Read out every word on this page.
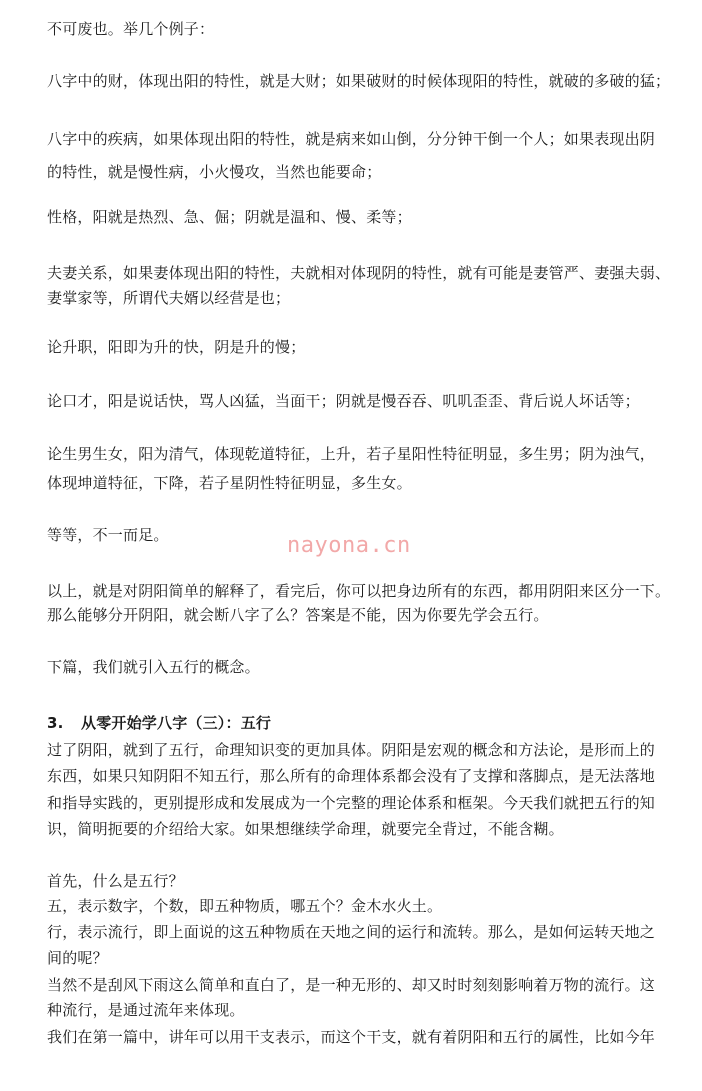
不可废也。举几个例子：
八字中的财，体现出阳的特性，就是大财；如果破财的时候体现阳的特性，就破的多破的猛；
八字中的疾病，如果体现出阳的特性，就是病来如山倒，分分钟干倒一个人；如果表现出阴
的特性，就是慢性病，小火慢攻，当然也能要命；
性格，阳就是热烈、急、倔；阴就是温和、慢、柔等；
夫妻关系，如果妻体现出阳的特性，夫就相对体现阴的特性，就有可能是妻管严、妻强夫弱、
妻掌家等，所谓代夫婿以经营是也；
论升职，阳即为升的快，阴是升的慢；
论口才，阳是说话快，骂人凶猛，当面干；阴就是慢吞吞、叽叽歪歪、背后说人坏话等；
论生男生女，阳为清气，体现乾道特征，上升，若子星阳性特征明显，多生男；阴为浊气，
体现坤道特征，下降，若子星阴性特征明显，多生女。
等等，不一而足。	nayona.cn
以上，就是对阴阳简单的解释了，看完后，你可以把身边所有的东西，都用阴阳来区分一下。
那么能够分开阴阳，就会断八字了么？答案是不能，因为你要先学会五行。
下篇，我们就引入五行的概念。
3. 从零开始学八字（三）：五行
过了阴阳，就到了五行，命理知识变的更加具体。阴阳是宏观的概念和方法论，是形而上的
东西，如果只知阴阳不知五行，那么所有的命理体系都会没有了支撑和落脚点，是无法落地
和指导实践的，更别提形成和发展成为一个完整的理论体系和框架。今天我们就把五行的知
识，简明扼要的介绍给大家。如果想继续学命理，就要完全背过，不能含糊。
首先，什么是五行？
五，表示数字，个数，即五种物质，哪五个？金木水火土。
行，表示流行，即上面说的这五种物质在天地之间的运行和流转。那么，是如何运转天地之
间的呢？
当然不是刮风下雨这么简单和直白了，是一种无形的、却又时时刻刻影响着万物的流行。这
种流行，是通过流年来体现。
我们在第一篇中，讲年可以用干支表示，而这个干支，就有着阴阳和五行的属性，比如今年
